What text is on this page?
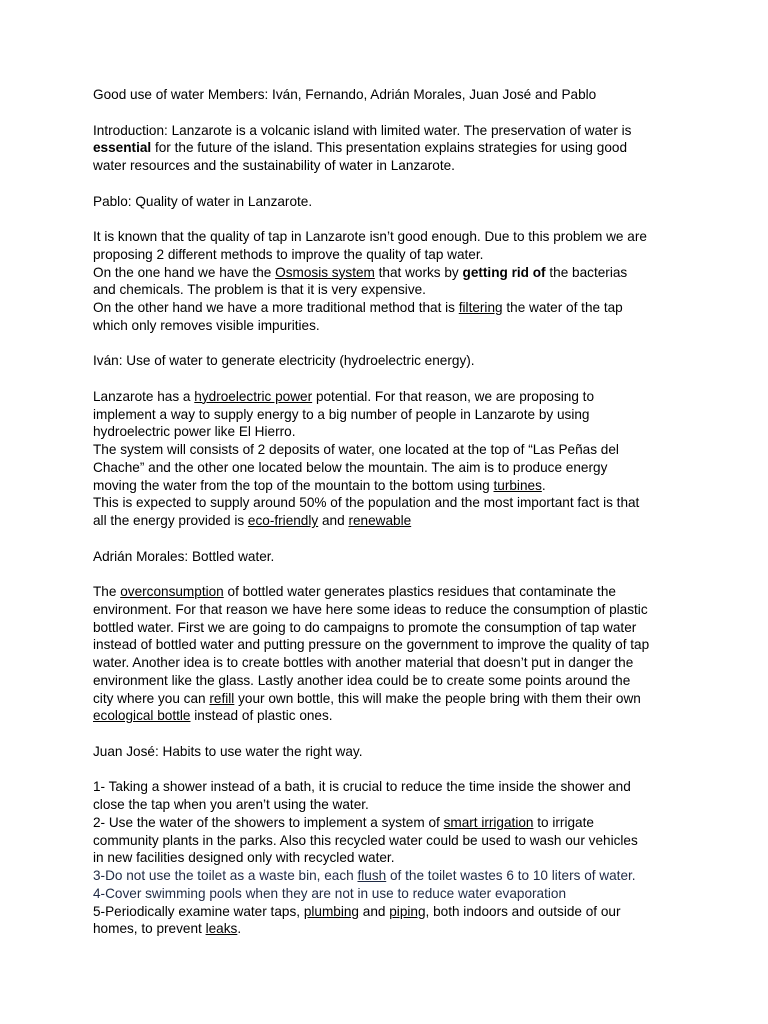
Good use of water Members: Iván, Fernando, Adrián Morales, Juan José and Pablo

Introduction: Lanzarote is a volcanic island with limited water. The preservation of water is
essential for the future of the island. This presentation explains strategies for using good
water resources and the sustainability of water in Lanzarote.

Pablo: Quality of water in Lanzarote.

It is known that the quality of tap in Lanzarote isn’t good enough. Due to this problem we are
proposing 2 different methods to improve the quality of tap water.
On the one hand we have the Osmosis system that works by getting rid of the bacterias
and chemicals. The problem is that it is very expensive.
On the other hand we have a more traditional method that is filtering the water of the tap
which only removes visible impurities.

Iván: Use of water to generate electricity (hydroelectric energy).

Lanzarote has a hydroelectric power potential. For that reason, we are proposing to
implement a way to supply energy to a big number of people in Lanzarote by using
hydroelectric power like El Hierro.
The system will consists of 2 deposits of water, one located at the top of “Las Peñas del
Chache” and the other one located below the mountain. The aim is to produce energy
moving the water from the top of the mountain to the bottom using turbines.
This is expected to supply around 50% of the population and the most important fact is that
all the energy provided is eco-friendly and renewable

Adrián Morales: Bottled water.

The overconsumption of bottled water generates plastics residues that contaminate the
environment. For that reason we have here some ideas to reduce the consumption of plastic
bottled water. First we are going to do campaigns to promote the consumption of tap water
instead of bottled water and putting pressure on the government to improve the quality of tap
water. Another idea is to create bottles with another material that doesn’t put in danger the
environment like the glass. Lastly another idea could be to create some points around the
city where you can refill your own bottle, this will make the people bring with them their own
ecological bottle instead of plastic ones.

Juan José: Habits to use water the right way.

1- Taking a shower instead of a bath, it is crucial to reduce the time inside the shower and
close the tap when you aren’t using the water.
2- Use the water of the showers to implement a system of smart irrigation to irrigate
community plants in the parks. Also this recycled water could be used to wash our vehicles
in new facilities designed only with recycled water.
3-Do not use the toilet as a waste bin, each flush of the toilet wastes 6 to 10 liters of water.
4-Cover swimming pools when they are not in use to reduce water evaporation
5-Periodically examine water taps, plumbing and piping, both indoors and outside of our
homes, to prevent leaks.
